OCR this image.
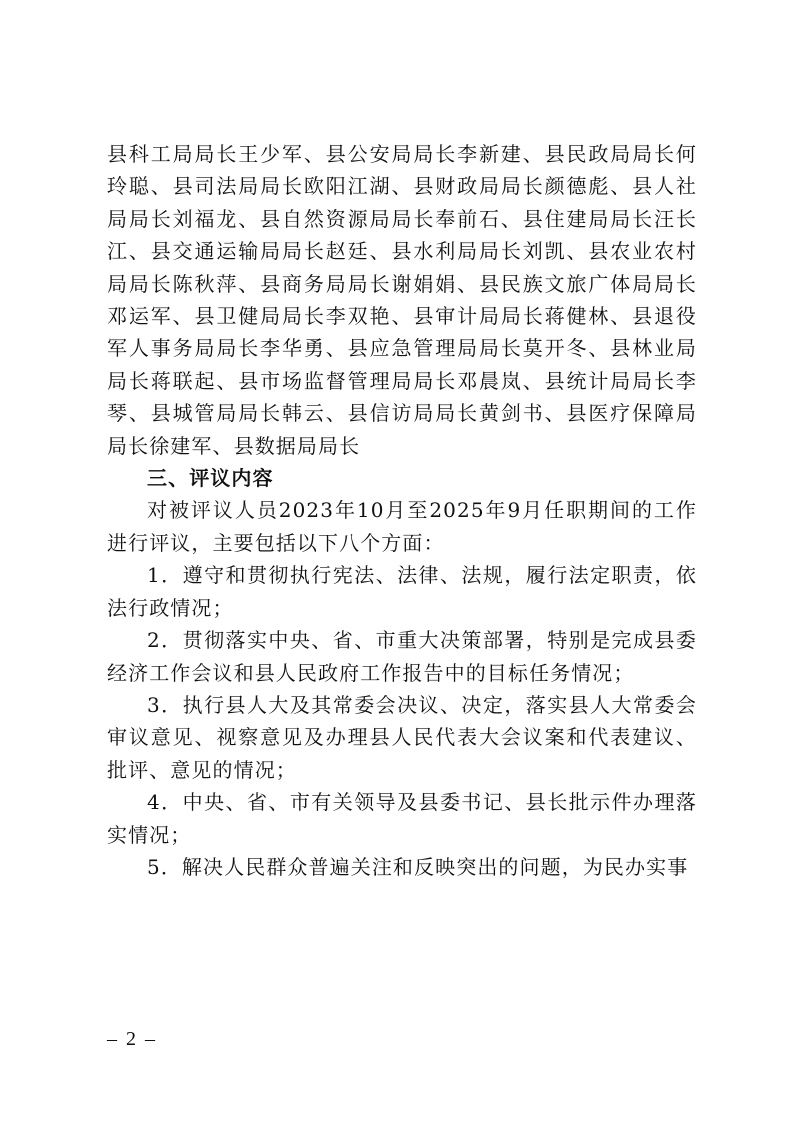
县科工局局长王少军、县公安局局长李新建、县民政局局长何玲聪、县司法局局长欧阳江湖、县财政局局长颜德彪、县人社局局长刘福龙、县自然资源局局长奉前石、县住建局局长汪长江、县交通运输局局长赵廷、县水利局局长刘凯、县农业农村局局长陈秋萍、县商务局局长谢娟娟、县民族文旅广体局局长邓运军、县卫健局局长李双艳、县审计局局长蒋健林、县退役军人事务局局长李华勇、县应急管理局局长莫开冬、县林业局局长蒋联起、县市场监督管理局局长邓晨岚、县统计局局长李琴、县城管局局长韩云、县信访局局长黄剑书、县医疗保障局局长徐建军、县数据局局长

三、评议内容

对被评议人员2023年10月至2025年9月任职期间的工作进行评议，主要包括以下八个方面：

1．遵守和贯彻执行宪法、法律、法规，履行法定职责，依法行政情况；

2．贯彻落实中央、省、市重大决策部署，特别是完成县委经济工作会议和县人民政府工作报告中的目标任务情况；

3．执行县人大及其常委会决议、决定，落实县人大常委会审议意见、视察意见及办理县人民代表大会议案和代表建议、批评、意见的情况；

4．中央、省、市有关领导及县委书记、县长批示件办理落实情况；

5．解决人民群众普遍关注和反映突出的问题，为民办实事

– 2 –
